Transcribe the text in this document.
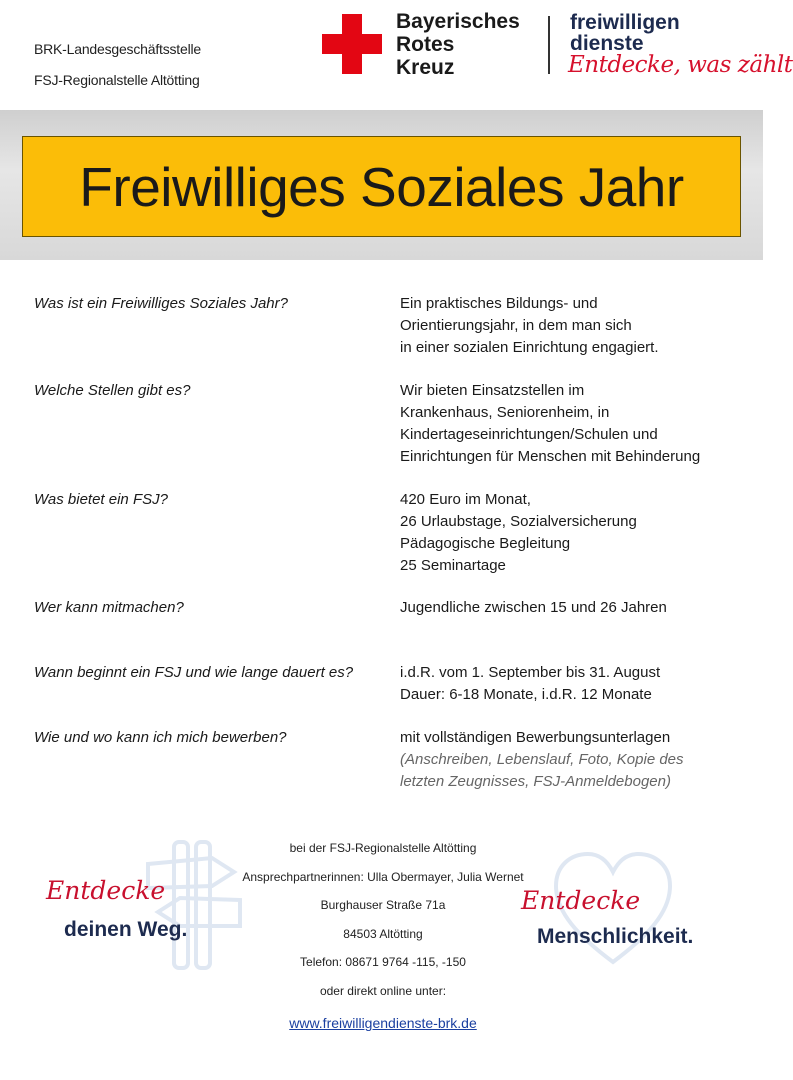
BRK-Landesgeschäftsstelle
FSJ-Regionalstelle Altötting
Bayerisches
Rotes
Kreuz
freiwilligen
dienste
Entdecke, was zählt
Freiwilliges Soziales Jahr
Was ist ein Freiwilliges Soziales Jahr?	Ein praktisches Bildungs- und
Orientierungsjahr, in dem man sich
in einer sozialen Einrichtung engagiert.
Welche Stellen gibt es?	Wir bieten Einsatzstellen im
Krankenhaus, Seniorenheim, in
Kindertageseinrichtungen/Schulen und
Einrichtungen für Menschen mit Behinderung
Was bietet ein FSJ?	420 Euro im Monat,
26 Urlaubstage, Sozialversicherung
Pädagogische Begleitung
25 Seminartage
Wer kann mitmachen?	Jugendliche zwischen 15 und 26 Jahren
Wann beginnt ein FSJ und wie lange dauert es?	i.d.R. vom 1. September bis 31. August
Dauer: 6-18 Monate, i.d.R. 12 Monate
Wie und wo kann ich mich bewerben?	mit vollständigen Bewerbungsunterlagen
(Anschreiben, Lebenslauf, Foto, Kopie des
letzten Zeugnisses, FSJ-Anmeldebogen)
Entdecke
deinen Weg.
Entdecke
Menschlichkeit.
bei der FSJ-Regionalstelle Altötting
Ansprechpartnerinnen: Ulla Obermayer, Julia Wernet
Burghauser Straße 71a
84503 Altötting
Telefon: 08671 9764 -115, -150
oder direkt online unter:
www.freiwilligendienste-brk.de
